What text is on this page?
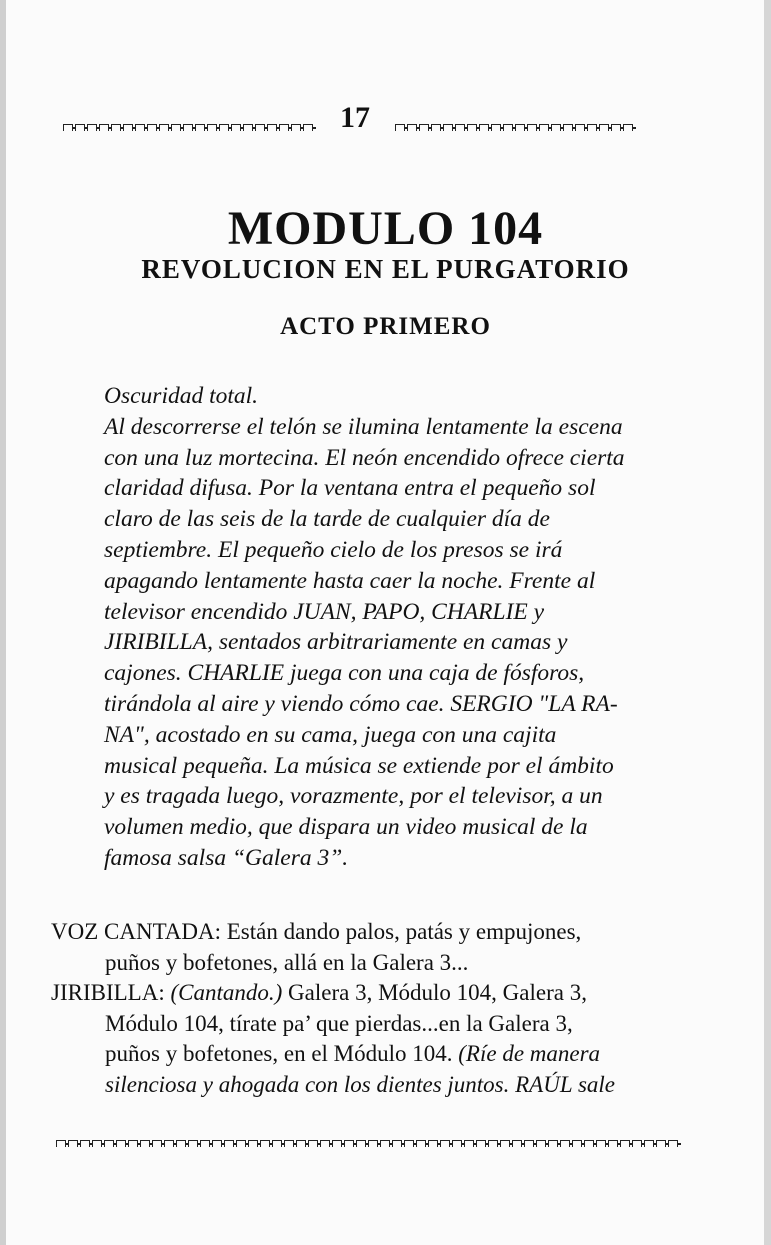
17
MODULO 104
REVOLUCION EN EL PURGATORIO
ACTO PRIMERO
Oscuridad total.
Al descorrerse el telón se ilumina lentamente la escena
con una luz mortecina. El neón encendido ofrece cierta
claridad difusa. Por la ventana entra el pequeño sol
claro de las seis de la tarde de cualquier día de
septiembre. El pequeño cielo de los presos se irá
apagando lentamente hasta caer la noche. Frente al
televisor encendido JUAN, PAPO, CHARLIE y
JIRIBILLA, sentados arbitrariamente en camas y
cajones. CHARLIE juega con una caja de fósforos,
tirándola al aire y viendo cómo cae. SERGIO "LA RA-
NA", acostado en su cama, juega con una cajita
musical pequeña. La música se extiende por el ámbito
y es tragada luego, vorazmente, por el televisor, a un
volumen medio, que dispara un video musical de la
famosa salsa “Galera 3”.
VOZ CANTADA: Están dando palos, patás y empujones,
puños y bofetones, allá en la Galera 3...
JIRIBILLA: (Cantando.) Galera 3, Módulo 104, Galera 3,
Módulo 104, tírate pa’ que pierdas...en la Galera 3,
puños y bofetones, en el Módulo 104. (Ríe de manera
silenciosa y ahogada con los dientes juntos. RAÚL sale
